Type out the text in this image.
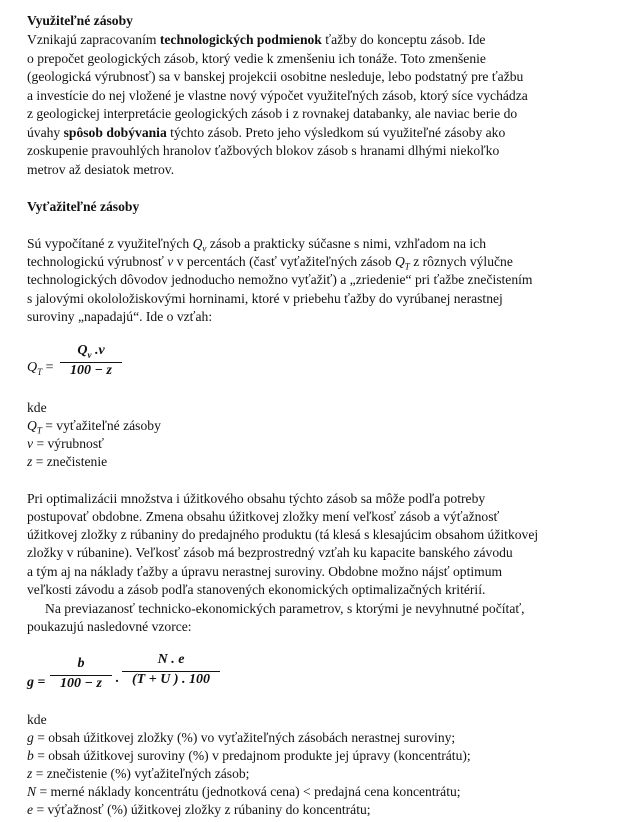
Využiteľné zásoby
Vznikajú zapracovaním technologických podmienok ťažby do konceptu zásob. Ide
o prepočet geologických zásob, ktorý vedie k zmenšeniu ich tonáže. Toto zmenšenie
(geologická výrubnosť) sa v banskej projekcii osobitne nesleduje, lebo podstatný pre ťažbu
a investície do nej vložené je vlastne nový výpočet využiteľných zásob, ktorý síce vychádza
z geologickej interpretácie geologických zásob i z rovnakej databanky, ale naviac berie do
úvahy spôsob dobývania týchto zásob. Preto jeho výsledkom sú využiteľné zásoby ako
zoskupenie pravouhlých hranolov ťažbových blokov zásob s hranami dlhými niekoľko
metrov až desiatok metrov.
Vyťažiteľné zásoby
Sú vypočítané z využiteľných $Q_v$ zásob a prakticky súčasne s nimi, vzhľadom na ich
technologickú výrubnosť v v percentách (časť vyťažiteľných zásob $Q_T$ z rôznych výlučne
technologických dôvodov jednoducho nemožno vyťažiť) a „zriedenie“ pri ťažbe znečistením
s jalovými okololožiskovými horninami, ktoré v priebehu ťažby do vyrúbanej nerastnej
suroviny „napadajú“. Ide o vzťah:
$Q_T$ =
$Q_v$ .v
100 − z
kde
$Q_T$ = vyťažiteľné zásoby
v = výrubnosť
z = znečistenie
Pri optimalizácii množstva i úžitkového obsahu týchto zásob sa môže podľa potreby
postupovať obdobne. Zmena obsahu úžitkovej zložky mení veľkosť zásob a výťažnosť
úžitkovej zložky z rúbaniny do predajného produktu (tá klesá s klesajúcim obsahom úžitkovej
zložky v rúbanine). Veľkosť zásob má bezprostredný vzťah ku kapacite banského závodu
a tým aj na náklady ťažby a úpravu nerastnej suroviny. Obdobne možno nájsť optimum
veľkosti závodu a zásob podľa stanovených ekonomických optimalizačných kritérií.
Na previazanosť technicko-ekonomických parametrov, s ktorými je nevyhnutné počítať,
poukazujú nasledovné vzorce:
g =
b
100 − z .
N . e
(T + U ) . 100
kde
g = obsah úžitkovej zložky (%) vo vyťažiteľných zásobách nerastnej suroviny;
b = obsah úžitkovej suroviny (%) v predajnom produkte jej úpravy (koncentrátu);
z = znečistenie (%) vyťažiteľných zásob;
N = merné náklady koncentrátu (jednotková cena) < predajná cena koncentrátu;
e = výťažnosť (%) úžitkovej zložky z rúbaniny do koncentrátu;
